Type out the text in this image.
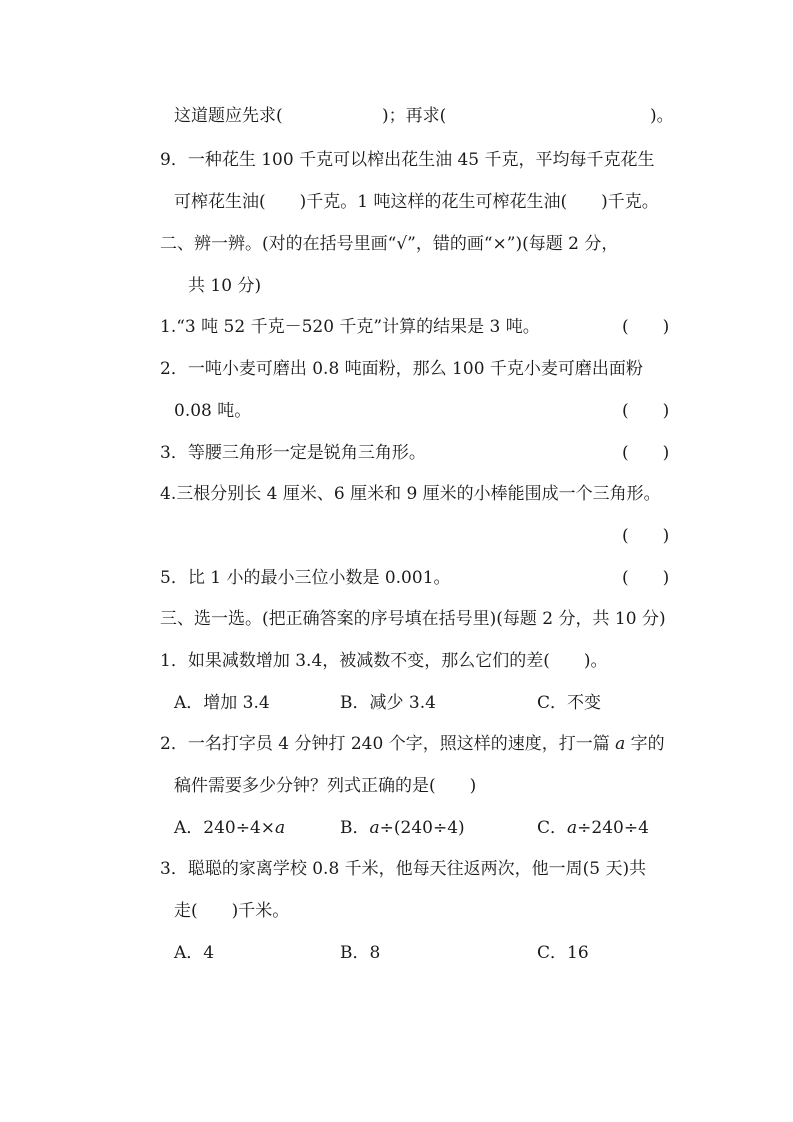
这道题应先求(	)；再求(	)。
9．一种花生 100 千克可以榨出花生油 45 千克，平均每千克花生
可榨花生油(　　)千克。1 吨这样的花生可榨花生油(　　)千克。
二、辨一辨。(对的在括号里画“√”，错的画“×”)(每题 2 分，
共 10 分)
1.“3 吨 52 千克－520 千克”计算的结果是 3 吨。	(　　)
2．一吨小麦可磨出 0.8 吨面粉，那么 100 千克小麦可磨出面粉
0.08 吨。	(　　)
3．等腰三角形一定是锐角三角形。	(　　)
4.三根分别长 4 厘米、6 厘米和 9 厘米的小棒能围成一个三角形。
(　　)
5．比 1 小的最小三位小数是 0.001。	(　　)
三、选一选。(把正确答案的序号填在括号里)(每题 2 分，共 10 分)
1．如果减数增加 3.4，被减数不变，那么它们的差(　　)。
A．增加 3.4	B．减少 3.4	C．不变
2．一名打字员 4 分钟打 240 个字，照这样的速度，打一篇 a 字的
稿件需要多少分钟？列式正确的是(　　)
A．240÷4×a	B．a÷(240÷4)	C．a÷240÷4
3．聪聪的家离学校 0.8 千米，他每天往返两次，他一周(5 天)共
走(　　)千米。
A．4	B．8	C．16
